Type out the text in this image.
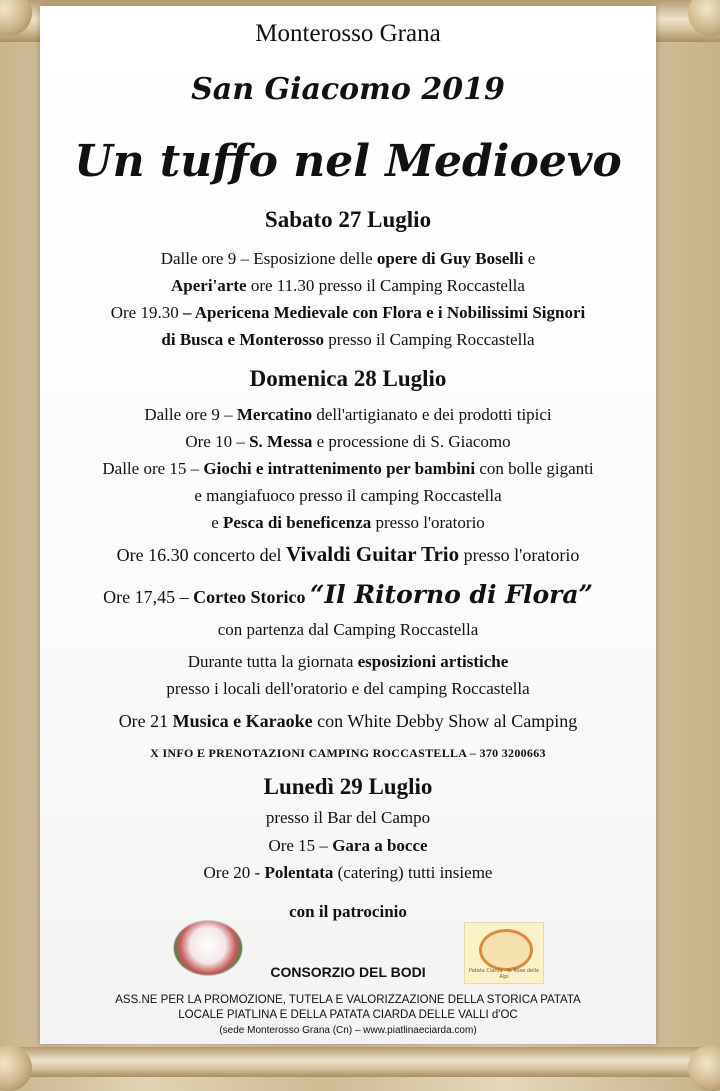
Monterosso Grana
San Giacomo 2019
Un tuffo nel Medioevo
Sabato 27 Luglio
Dalle ore 9 – Esposizione delle opere di Guy Boselli e
Aperi'arte ore 11.30 presso il Camping Roccastella
Ore 19.30 – Apericena Medievale con Flora e i Nobilissimi Signori
di Busca e Monterosso presso il Camping Roccastella
Domenica 28 Luglio
Dalle ore 9 – Mercatino dell'artigianato e dei prodotti tipici
Ore 10 – S. Messa e processione di S. Giacomo
Dalle ore 15 – Giochi e intrattenimento per bambini con bolle giganti
e mangiafuoco presso il camping Roccastella
e Pesca di beneficenza presso l'oratorio
Ore 16.30 concerto del Vivaldi Guitar Trio presso l'oratorio
Ore 17,45 – Corteo Storico “Il Ritorno di Flora”
con partenza dal Camping Roccastella
Durante tutta la giornata esposizioni artistiche
presso i locali dell'oratorio e del camping Roccastella
Ore 21 Musica e Karaoke con White Debby Show al Camping
X INFO E PRENOTAZIONI CAMPING ROCCASTELLA – 370 3200663
Lunedì 29 Luglio
presso il Bar del Campo
Ore 15 – Gara a bocce
Ore 20 - Polentata (catering) tutti insieme
con il patrocinio
Patata Ciarda · le Rose delle Alpi
CONSORZIO DEL BODI
ASS.NE PER LA PROMOZIONE, TUTELA E VALORIZZAZIONE DELLA STORICA PATATA
LOCALE PIATLINA E DELLA PATATA CIARDA DELLE VALLI d'OC
(sede Monterosso Grana (Cn) – www.piatlinaeciarda.com)
